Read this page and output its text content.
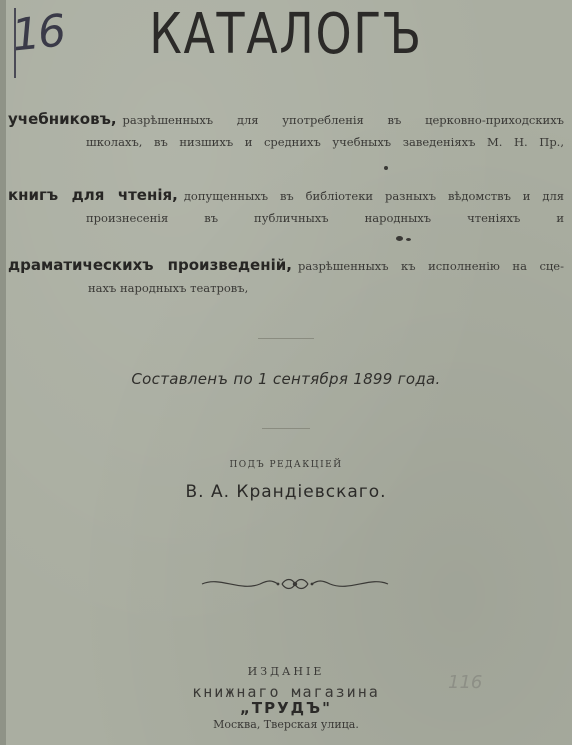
16	КАТАЛОГЪ
учебниковъ, разрѣшенныхъ для употребленія въ церковно-приходскихъ
школахъ, въ низшихъ и среднихъ учебныхъ заведеніяхъ М. Н. Пр.,
книгъ для чтенія, допущенныхъ въ библіотеки разныхъ вѣдомствъ и для
произнесенія въ публичныхъ народныхъ чтеніяхъ и
драматическихъ произведеній, разрѣшенныхъ къ исполненію на сце-
нахъ народныхъ театровъ,
Составленъ по 1 сентября 1899 года.
ПОДЪ РЕДАКЦІЕЙ
В. А. Крандіевскаго.
ИЗДАНІЕ
книжнаго магазина
„ТРУДЪ"
Москва, Тверская улица.
116
